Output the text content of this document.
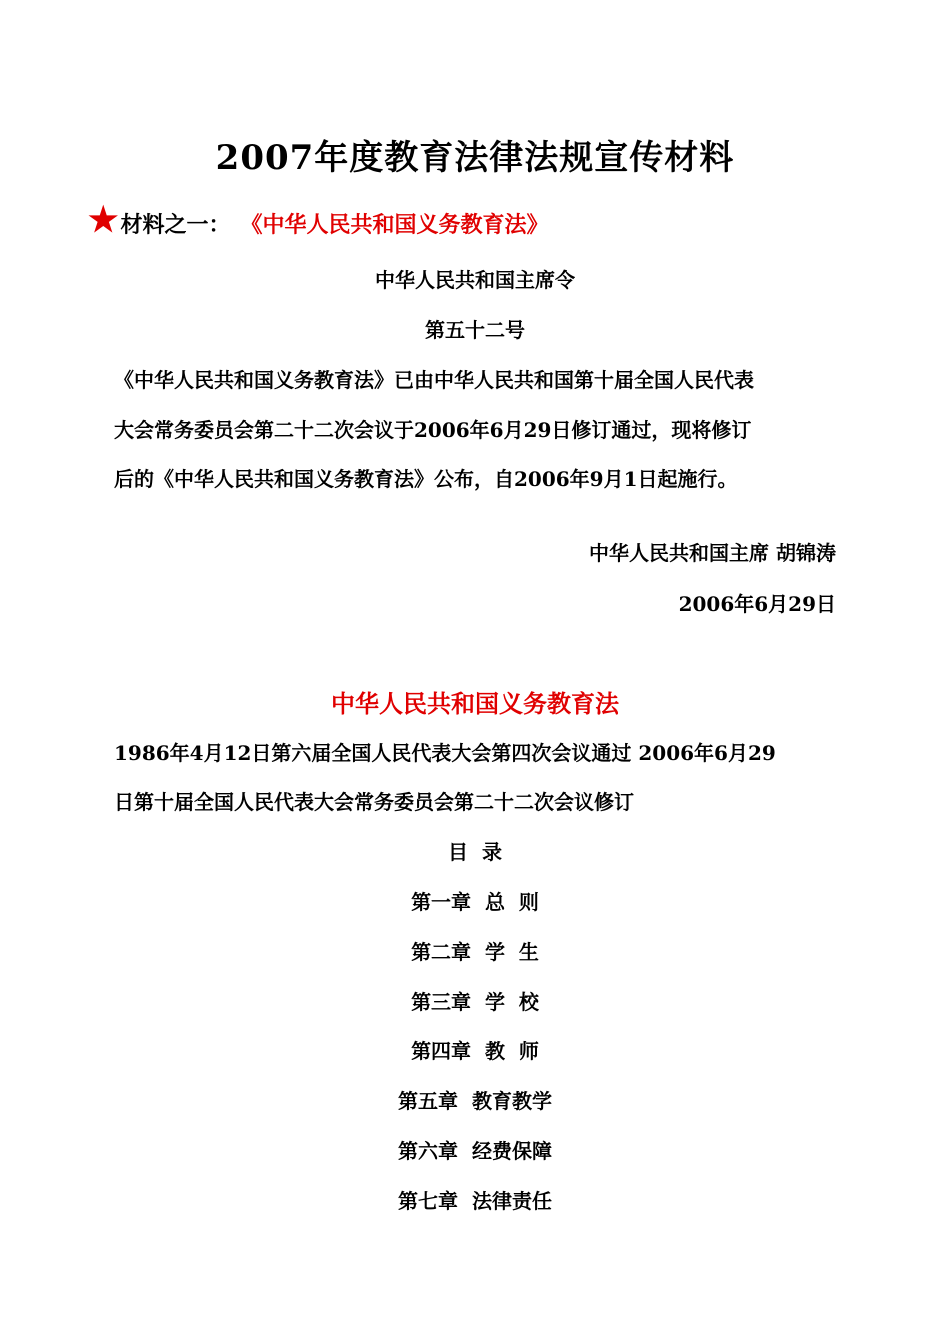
2007年度教育法律法规宣传材料
★ 材料之一： 《中华人民共和国义务教育法》
中华人民共和国主席令
第五十二号
《中华人民共和国义务教育法》已由中华人民共和国第十届全国人民代表
大会常务委员会第二十二次会议于2006年6月29日修订通过，现将修订
后的《中华人民共和国义务教育法》公布，自2006年9月1日起施行。
中华人民共和国主席 胡锦涛
2006年6月29日
中华人民共和国义务教育法
1986年4月12日第六届全国人民代表大会第四次会议通过 2006年6月29
日第十届全国人民代表大会常务委员会第二十二次会议修订
目  录
第一章  总  则
第二章  学  生
第三章  学  校
第四章  教  师
第五章  教育教学
第六章  经费保障
第七章  法律责任
